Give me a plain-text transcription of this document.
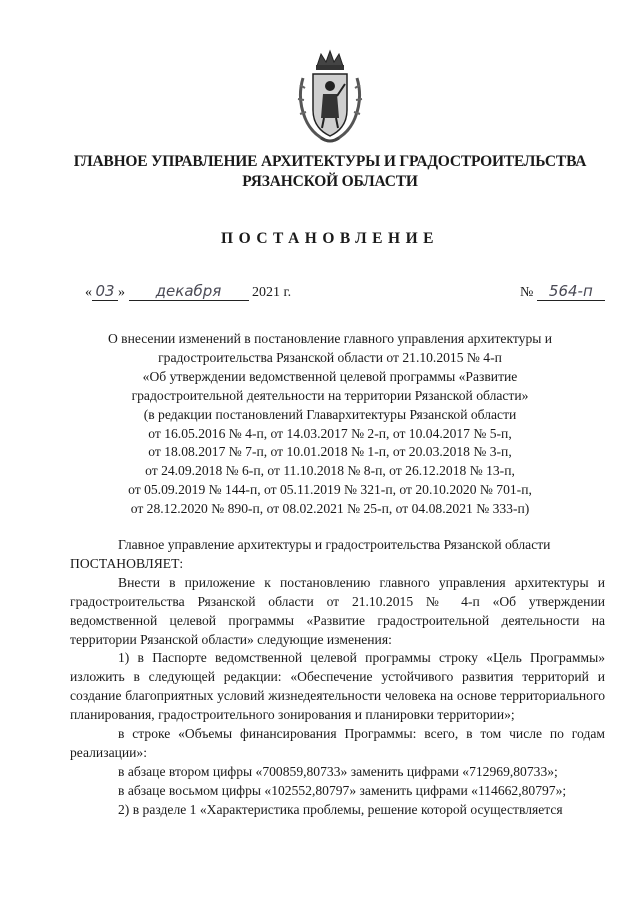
ГЛАВНОЕ УПРАВЛЕНИЕ АРХИТЕКТУРЫ И ГРАДОСТРОИТЕЛЬСТВА
РЯЗАНСКОЙ ОБЛАСТИ
ПОСТАНОВЛЕНИЕ
« 03 » декабря 2021 г.	№ 564-п
О внесении изменений в постановление главного управления архитектуры и
градостроительства Рязанской области от 21.10.2015 № 4-п
«Об утверждении ведомственной целевой программы «Развитие
градостроительной деятельности на территории Рязанской области»
(в редакции постановлений Главархитектуры Рязанской области
от 16.05.2016 № 4-п, от 14.03.2017 № 2-п, от 10.04.2017 № 5-п,
от 18.08.2017 № 7-п, от 10.01.2018 № 1-п, от 20.03.2018 № 3-п,
от 24.09.2018 № 6-п, от 11.10.2018 № 8-п, от 26.12.2018 № 13-п,
от 05.09.2019 № 144-п, от 05.11.2019 № 321-п, от 20.10.2020 № 701-п,
от 28.12.2020 № 890-п, от 08.02.2021 № 25-п, от 04.08.2021 № 333-п)

Главное управление архитектуры и градостроительства Рязанской области

ПОСТАНОВЛЯЕТ:

Внести в приложение к постановлению главного управления архитектуры и градостроительства Рязанской области от 21.10.2015 № 4-п «Об утверждении ведомственной целевой программы «Развитие градостроительной деятельности на территории Рязанской области» следующие изменения:

1) в Паспорте ведомственной целевой программы строку «Цель Программы» изложить в следующей редакции: «Обеспечение устойчивого развития территорий и создание благоприятных условий жизнедеятельности человека на основе территориального планирования, градостроительного зонирования и планировки территории»;

в строке «Объемы финансирования Программы: всего, в том числе по годам реализации»:

в абзаце втором цифры «700859,80733» заменить цифрами «712969,80733»;

в абзаце восьмом цифры «102552,80797» заменить цифрами «114662,80797»;

2) в разделе 1 «Характеристика проблемы, решение которой осуществляется
